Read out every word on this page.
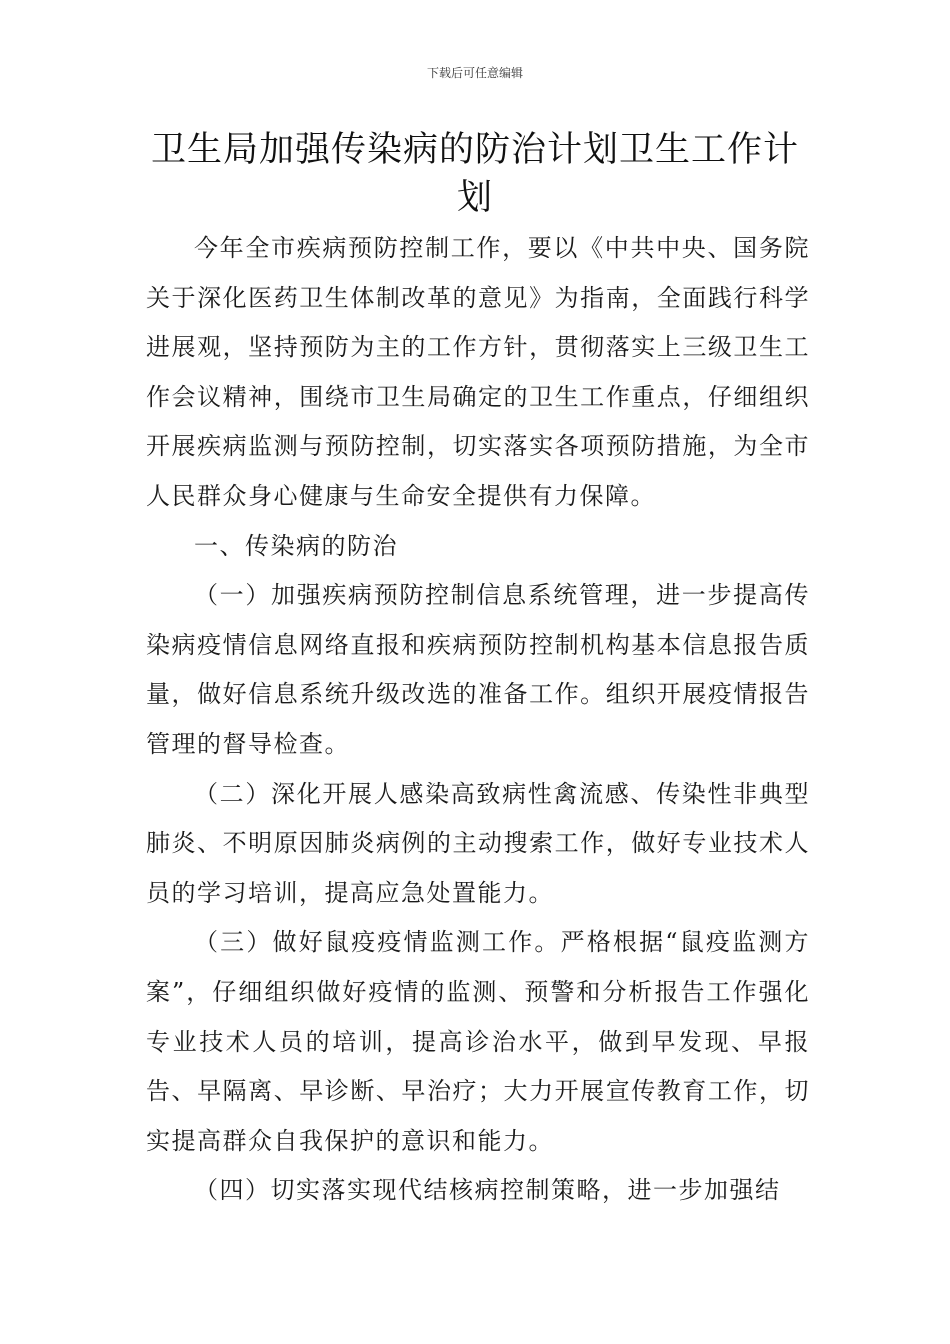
下载后可任意编辑
卫生局加强传染病的防治计划卫生工作计划

今年全市疾病预防控制工作，要以《中共中央、国务院关于深化医药卫生体制改革的意见》为指南，全面践行科学进展观，坚持预防为主的工作方针，贯彻落实上三级卫生工作会议精神，围绕市卫生局确定的卫生工作重点，仔细组织开展疾病监测与预防控制，切实落实各项预防措施，为全市人民群众身心健康与生命安全提供有力保障。

一、传染病的防治

（一）加强疾病预防控制信息系统管理，进一步提高传染病疫情信息网络直报和疾病预防控制机构基本信息报告质量，做好信息系统升级改选的准备工作。组织开展疫情报告管理的督导检查。

（二）深化开展人感染高致病性禽流感、传染性非典型肺炎、不明原因肺炎病例的主动搜索工作，做好专业技术人员的学习培训，提高应急处置能力。

（三）做好鼠疫疫情监测工作。严格根据“鼠疫监测方案”，仔细组织做好疫情的监测、预警和分析报告工作强化专业技术人员的培训，提高诊治水平，做到早发现、早报告、早隔离、早诊断、早治疗；大力开展宣传教育工作，切实提高群众自我保护的意识和能力。

（四）切实落实现代结核病控制策略，进一步加强结
